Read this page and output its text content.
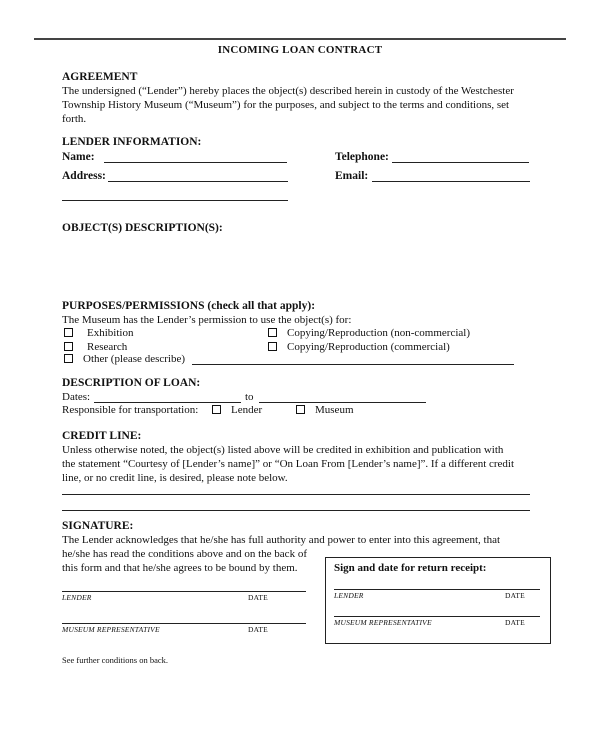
INCOMING LOAN CONTRACT
AGREEMENT
The undersigned (“Lender”) hereby places the object(s) described herein in custody of the Westchester
Township History Museum (“Museum”) for the purposes, and subject to the terms and conditions, set
forth.
LENDER INFORMATION:
Name:	Telephone:
Address:	Email:
OBJECT(S) DESCRIPTION(S):
PURPOSES/PERMISSIONS (check all that apply):
The Museum has the Lender’s permission to use the object(s) for:
Exhibition	Copying/Reproduction (non-commercial)
Research	Copying/Reproduction (commercial)
Other (please describe)
DESCRIPTION OF LOAN:
Dates:	to
Responsible for transportation:	Lender	Museum
CREDIT LINE:
Unless otherwise noted, the object(s) listed above will be credited in exhibition and publication with
the statement “Courtesy of [Lender’s name]” or “On Loan From [Lender’s name]”. If a different credit
line, or no credit line, is desired, please note below.
SIGNATURE:
The Lender acknowledges that he/she has full authority and power to enter into this agreement, that
he/she has read the conditions above and on the back of
this form and that he/she agrees to be bound by them.
LENDER	DATE
MUSEUM REPRESENTATIVE	DATE
Sign and date for return receipt:
LENDER	DATE
MUSEUM REPRESENTATIVE	DATE
See further conditions on back.
